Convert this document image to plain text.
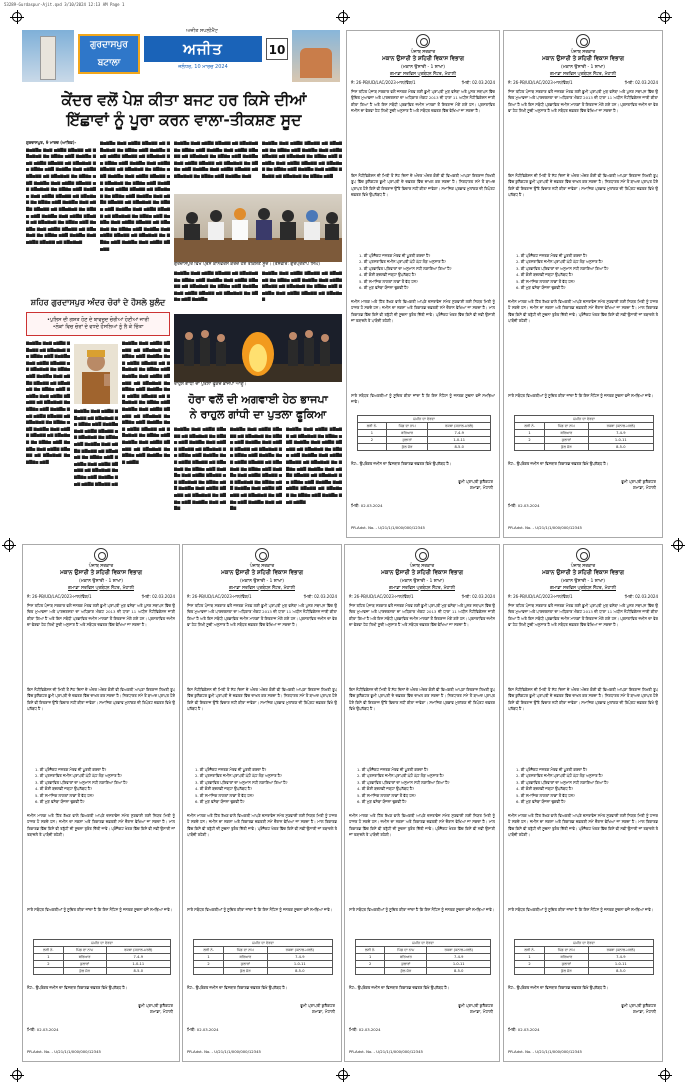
53289-Gurdaspur-Ajit.qxd 3/10/2024 12:13 AM Page 1
ਗੁਰਦਾਸਪੁਰ
ਬਟਾਲਾ
ਅਜੀਤ ਸਪਲੀਮੈਂਟ
ਅਜੀਤ
ਜਲੰਧਰ, 10 ਮਾਰਚ 2024
10
ਕੇਂਦਰ ਵਲੋਂ ਪੇਸ਼ ਕੀਤਾ ਬਜਟ ਹਰ ਕਿਸੇ ਦੀਆਂ
ਇੱਛਾਵਾਂ ਨੂੰ ਪੂਰਾ ਕਰਨ ਵਾਲਾ-ਤੀਕਸ਼ਣ ਸੂਦ
ਗੁਰਦਾਸਪੁਰ, 9 ਮਾਰਚ (ਆਰਿਫ਼)-
▆▅▆▇▅ ▆▅▆ ▅▆▇▆ ▆▇▅▆▆ ▅▆ ▆▇▅▆▅▆ ▆▅ ▆▇▆▅ ▅▆▇ ▆▅▆▇▅ ▆▅▆ ▅▆▇▆ ▆▇▅▆▆ ▅▆ ▆▇▅▆▅▆ ▆▅ ▆▇▆▅ ▅▆▇ ▆▅▆▇▅ ▆▅▆ ▅▆▇▆ ▆▇▅▆▆ ▅▆ ▆▇▅▆▅▆ ▆▅ ▆▇▆▅ ▅▆▇ ▆▅▆▇▅ ▆▅▆ ▅▆▇▆ ▆▇▅▆▆ ▅▆ ▆▇▅▆▅▆ ▆▅ ▆▇▆▅ ▅▆▇ ▆▅▆▇▅ ▆▅▆ ▅▆▇▆ ▆▇▅▆▆ ▅▆ ▆▇▅▆▅▆ ▆▅ ▆▇▆▅ ▅▆▇ ▆▅▆▇▅ ▆▅▆ ▅▆▇▆ ▆▇▅▆▆ ▅▆ ▆▇▅▆▅▆ ▆▅ ▆▇▆▅ ▅▆▇ ▆▅▆▇▅ ▆▅▆ ▅▆▇▆ ▆▇▅▆▆ ▅▆ ▆▇▅▆▅▆ ▆▅ ▆▇▆▅ ▅▆▇ ▆▅▆▇▅ ▆▅▆ ▅▆▇▆ ▆▇▅▆▆ ▅▆ ▆▇▅▆▅▆ ▆▅ ▆▇▆▅ ▅▆▇ ▆▅▆▇▅ ▆▅▆ ▅▆▇▆ ▆▇▅▆▆ ▅▆ ▆▇▅▆▅▆
▆▅▆▇▅ ▆▅▆ ▅▆▇▆ ▆▇▅▆▆ ▅▆ ▆▇▅▆▅▆ ▆▅ ▆▇▆▅ ▅▆▇ ▆▅▆▇▅ ▆▅▆ ▅▆▇▆ ▆▇▅▆▆ ▅▆ ▆▇▅▆▅▆ ▆▅ ▆▇▆▅ ▅▆▇ ▆▅▆▇▅ ▆▅▆ ▅▆▇▆ ▆▇▅▆▆ ▅▆ ▆▇▅▆▅▆ ▆▅ ▆▇▆▅ ▅▆▇ ▆▅▆▇▅ ▆▅▆ ▅▆▇▆ ▆▇▅▆▆ ▅▆ ▆▇▅▆▅▆ ▆▅ ▆▇▆▅ ▅▆▇ ▆▅▆▇▅ ▆▅▆ ▅▆▇▆ ▆▇▅▆▆ ▅▆ ▆▇▅▆▅▆ ▆▅ ▆▇▆▅ ▅▆▇ ▆▅▆▇▅ ▆▅▆ ▅▆▇▆ ▆▇▅▆▆ ▅▆ ▆▇▅▆▅▆ ▆▅ ▆▇▆▅ ▅▆▇ ▆▅▆▇▅ ▆▅▆ ▅▆▇▆ ▆▇▅▆▆ ▅▆ ▆▇▅▆▅▆ ▆▅ ▆▇▆▅ ▅▆▇ ▆▅▆▇▅ ▆▅▆ ▅▆▇▆ ▆▇▅▆▆ ▅▆ ▆▇▅▆▅▆ ▆▅ ▆▇▆▅ ▅▆▇ ▆▅▆▇▅ ▆▅▆ ▅▆▇▆ ▆▇▅▆▆ ▅▆ ▆▇▅▆▅▆ ▆▅ ▆▇▆▅ ▅▆▇ ▆▅▆▇▅ ▆▅▆ ▅▆▇▆ ▆▇▅▆▆
▆▅▆▇▅ ▆▅▆ ▅▆▇▆ ▆▇▅▆▆ ▅▆ ▆▇▅▆▅▆ ▆▅ ▆▇▆▅ ▅▆▇ ▆▅▆▇▅ ▆▅▆ ▅▆▇▆ ▆▇▅▆▆ ▅▆ ▆▇▅▆▅▆ ▆▅ ▆▇▆▅ ▅▆▇ ▆▅▆▇▅ ▆▅▆ ▅▆▇▆ ▆▇▅▆▆ ▅▆ ▆▇▅▆▅▆ ▆▅ ▆▇▆▅ ▅▆▇ ▆▅▆▇▅ ▆▅▆ ▅▆▇▆ ▆▇▅▆▆ ▅▆ ▆▇▅▆▅▆ ▆▅ ▆▇▆▅ ▅▆▇ ▆▅▆▇▅ ▆▅▆
▆▅▆▇▅ ▆▅▆ ▅▆▇▆ ▆▇▅▆▆ ▅▆ ▆▇▅▆▅▆ ▆▅ ▆▇▆▅ ▅▆▇ ▆▅▆▇▅ ▆▅▆ ▅▆▇▆ ▆▇▅▆▆ ▅▆ ▆▇▅▆▅▆ ▆▅ ▆▇▆▅ ▅▆▇ ▆▅▆▇▅ ▆▅▆ ▅▆▇▆ ▆▇▅▆▆ ▅▆ ▆▇▅▆▅▆ ▆▅ ▆▇▆▅ ▅▆▇ ▆▅▆▇▅ ▆▅▆ ▅▆▇▆ ▆▇▅▆▆ ▅▆ ▆▇▅▆▅▆ ▆▅ ▆▇▆▅ ▅▆▇
ਗੁਰਦਾਸਪੁਰ ਵਿਖੇ ਪ੍ਰੈੱਸ ਕਾਨਫਰੰਸ ਕਰਦੇ ਹੋਏ ਤੀਕਸ਼ਣ ਸੂਦ। (ਤਸਵੀਰ: ਗੁਰਪ੍ਰਤਾਪ ਸਿੰਘ)
▆▅▆▇▅ ▆▅▆ ▅▆▇▆ ▆▇▅▆▆ ▅▆ ▆▇▅▆▅▆ ▆▅ ▆▇▆▅ ▅▆▇ ▆▅▆▇▅ ▆▅▆ ▅▆▇▆ ▆▇▅▆▆ ▅▆ ▆▇▅▆▅▆ ▆▅ ▆▇▆▅ ▅▆▇ ▆▅▆▇▅ ▆▅▆ ▅▆▇▆ ▆▇▅▆▆ ▅▆ ▆▇▅▆▅▆ ▆▅ ▆▇▆▅ ▅▆▇ ▆▅▆▇▅
▆▅▆▇▅ ▆▅▆ ▅▆▇▆ ▆▇▅▆▆ ▅▆ ▆▇▅▆▅▆ ▆▅ ▆▇▆▅ ▅▆▇ ▆▅▆▇▅ ▆▅▆ ▅▆▇▆ ▆▇▅▆▆ ▅▆ ▆▇▅▆▅▆ ▆▅ ▆▇▆▅ ▅▆▇ ▆▅▆▇▅ ▆▅▆ ▅▆▇▆ ▆▇▅▆▆ ▅▆ ▆▇▅▆▅▆
ਸ਼ਹਿਰ ਗੁਰਦਾਸਪੁਰ ਅੰਦਰ ਚੋਰਾਂ ਦੇ ਹੌਸਲੇ ਬੁਲੰਦ
•ਪੁਲਿਸ ਦੀ ਗਸ਼ਤ ਹੋਣ ਦੇ ਬਾਵਜੂਦ ਚੋਰੀਆਂ ਹੋਣੀਆਂ ਜਾਰੀ
•ਲੋਕਾਂ ਵਿਚ ਚੋਰਾਂ ਦੇ ਵਧਦੇ ਹੌਸਲਿਆਂ ਨੂੰ ਲੈ ਕੇ ਚਿੰਤਾ
▆▅▆▇▅ ▆▅▆ ▅▆▇▆ ▆▇▅▆▆ ▅▆ ▆▇▅▆▅▆ ▆▅ ▆▇▆▅ ▅▆▇ ▆▅▆▇▅ ▆▅▆ ▅▆▇▆ ▆▇▅▆▆ ▅▆ ▆▇▅▆▅▆ ▆▅ ▆▇▆▅ ▅▆▇ ▆▅▆▇▅ ▆▅▆ ▅▆▇▆ ▆▇▅▆▆ ▅▆ ▆▇▅▆▅▆ ▆▅ ▆▇▆▅ ▅▆▇ ▆▅▆▇▅ ▆▅▆ ▅▆▇▆ ▆▇▅▆▆ ▅▆ ▆▇▅▆▅▆ ▆▅ ▆▇▆▅ ▅▆▇ ▆▅▆▇▅ ▆▅▆ ▅▆▇▆ ▆▇▅▆▆ ▅▆ ▆▇▅▆▅▆ ▆▅ ▆▇▆▅ ▅▆▇ ▆▅▆▇▅ ▆▅▆ ▅▆▇▆ ▆▇▅▆▆ ▅▆ ▆▇▅▆▅▆ ▆▅ ▆▇▆▅ ▅▆▇ ▆▅▆▇▅ ▆▅▆ ▅▆▇▆ ▆▇▅▆▆ ▅▆ ▆▇▅▆▅▆ ▆▅ ▆▇▆▅ ▅▆▇
▆▅▆▇▅ ▆▅▆ ▅▆▇▆ ▆▇▅▆▆ ▅▆ ▆▇▅▆▅▆ ▆▅ ▆▇▆▅ ▅▆▇ ▆▅▆▇▅ ▆▅▆ ▅▆▇▆ ▆▇▅▆▆ ▅▆ ▆▇▅▆▅▆ ▆▅ ▆▇▆▅ ▅▆▇ ▆▅▆▇▅ ▆▅▆ ▅▆▇▆ ▆▇▅▆▆ ▅▆ ▆▇▅▆▅▆ ▆▅ ▆▇▆▅ ▅▆▇ ▆▅▆▇▅ ▆▅▆ ▅▆▇▆ ▆▇▅▆▆ ▅▆ ▆▇▅▆▅▆ ▆▅ ▆▇▆▅ ▅▆▇ ▆▅▆▇▅ ▆▅▆ ▅▆▇▆ ▆▇▅▆▆ ▅▆
▆▅▆▇▅ ▆▅▆ ▅▆▇▆ ▆▇▅▆▆ ▅▆ ▆▇▅▆▅▆ ▆▅ ▆▇▆▅ ▅▆▇ ▆▅▆▇▅ ▆▅▆ ▅▆▇▆ ▆▇▅▆▆ ▅▆ ▆▇▅▆▅▆ ▆▅ ▆▇▆▅ ▅▆▇ ▆▅▆▇▅ ▆▅▆ ▅▆▇▆ ▆▇▅▆▆ ▅▆ ▆▇▅▆▅▆ ▆▅ ▆▇▆▅ ▅▆▇ ▆▅▆▇▅ ▆▅▆ ▅▆▇▆ ▆▇▅▆▆ ▅▆ ▆▇▅▆▅▆ ▆▅ ▆▇▆▅ ▅▆▇ ▆▅▆▇▅ ▆▅▆ ▅▆▇▆ ▆▇▅▆▆ ▅▆ ▆▇▅▆▅▆ ▆▅ ▆▇▆▅ ▅▆▇ ▆▅▆▇▅ ▆▅▆ ▅▆▇▆ ▆▇▅▆▆ ▅▆ ▆▇▅▆▅▆ ▆▅ ▆▇▆▅ ▅▆▇ ▆▅▆▇▅ ▆▅▆ ▅▆▇▆ ▆▇▅▆▆ ▅▆ ▆▇▅▆▅▆ ▆▅ ▆▇▆▅ ▅▆▇ ▆▅▆▇▅ ▆▅▆ ▅▆▇▆
ਰਾਹੁਲ ਗਾਂਧੀ ਦਾ ਪੁਤਲਾ ਫੂਕਦੇ ਭਾਜਪਾ ਆਗੂ।
ਹੋਰਾ ਵਲੋਂ ਦੀ ਅਗਵਾਈ ਹੇਠ ਭਾਜਪਾ
ਨੇ ਰਾਹੁਲ ਗਾਂਧੀ ਦਾ ਪੁਤਲਾ ਫੂਕਿਆ
▆▅▆▇▅ ▆▅▆ ▅▆▇▆ ▆▇▅▆▆ ▅▆ ▆▇▅▆▅▆ ▆▅ ▆▇▆▅ ▅▆▇ ▆▅▆▇▅ ▆▅▆ ▅▆▇▆ ▆▇▅▆▆ ▅▆ ▆▇▅▆▅▆ ▆▅ ▆▇▆▅ ▅▆▇ ▆▅▆▇▅ ▆▅▆ ▅▆▇▆ ▆▇▅▆▆ ▅▆ ▆▇▅▆▅▆ ▆▅ ▆▇▆▅ ▅▆▇ ▆▅▆▇▅ ▆▅▆ ▅▆▇▆ ▆▇▅▆▆ ▅▆ ▆▇▅▆▅▆ ▆▅ ▆▇▆▅ ▅▆▇ ▆▅▆▇▅ ▆▅▆ ▅▆▇▆ ▆▇▅▆▆ ▅▆ ▆▇▅▆▅▆ ▆▅ ▆▇▆▅ ▅▆▇ ▆▅▆▇▅ ▆▅▆ ▅▆▇▆
▆▅▆▇▅ ▆▅▆ ▅▆▇▆ ▆▇▅▆▆ ▅▆ ▆▇▅▆▅▆ ▆▅ ▆▇▆▅ ▅▆▇ ▆▅▆▇▅ ▆▅▆ ▅▆▇▆ ▆▇▅▆▆ ▅▆ ▆▇▅▆▅▆ ▆▅ ▆▇▆▅ ▅▆▇ ▆▅▆▇▅ ▆▅▆ ▅▆▇▆ ▆▇▅▆▆ ▅▆ ▆▇▅▆▅▆ ▆▅ ▆▇▆▅ ▅▆▇ ▆▅▆▇▅ ▆▅▆ ▅▆▇▆ ▆▇▅▆▆ ▅▆ ▆▇▅▆▅▆ ▆▅ ▆▇▆▅ ▅▆▇ ▆▅▆▇▅ ▆▅▆ ▅▆▇▆ ▆▇▅▆▆ ▅▆ ▆▇▅▆▅▆ ▆▅ ▆▇▆▅ ▅▆▇ ▆▅▆▇▅ ▆▅▆ ▅▆▇▆
▆▅▆▇▅ ▆▅▆ ▅▆▇▆ ▆▇▅▆▆ ▅▆ ▆▇▅▆▅▆ ▆▅ ▆▇▆▅ ▅▆▇ ▆▅▆▇▅ ▆▅▆ ▅▆▇▆ ▆▇▅▆▆ ▅▆ ▆▇▅▆▅▆ ▆▅ ▆▇▆▅ ▅▆▇ ▆▅▆▇▅ ▆▅▆ ▅▆▇▆ ▆▇▅▆▆ ▅▆ ▆▇▅▆▅▆ ▆▅ ▆▇▆▅ ▅▆▇ ▆▅▆▇▅ ▆▅▆ ▅▆▇▆ ▆▇▅▆▆ ▅▆ ▆▇▅▆▅▆ ▆▅ ▆▇▆▅ ▅▆▇ ▆▅▆▇▅ ▆▅▆ ▅▆▇▆ ▆▇▅▆▆ ▅▆ ▆▇▅▆▅▆ ▆▅ ▆▇▆▅ ▅▆▇ ▆▅▆▇▅ ▆▅▆ ▅▆▇▆
ਪੰਜਾਬ ਸਰਕਾਰ
ਮਕਾਨ ਉਸਾਰੀ ਤੇ ਸ਼ਹਿਰੀ ਵਿਕਾਸ ਵਿਭਾਗ
(ਮਕਾਨ ਉਸਾਰੀ - 1 ਸ਼ਾਖਾ)
ਗਮਾਡਾ ਸਰਵਿਸ ਪ੍ਰਬੰਧਨ ਸੈਂਟਰ, ਮੋਹਾਲੀ
ਨੰ: 26-PB/UD/LAC/2023-ਮਾਲ/ਵਿੰਗ/1	ਮਿਤੀ: 02.03.2024
ਜਿਸ ਤਹਿਤ ਪੰਜਾਬ ਸਰਕਾਰ ਵਲੋਂ ਜਨਤਕ ਮੰਤਵ ਲਈ ਭੂਮੀ ਪ੍ਰਾਪਤੀ ਮੁੜ ਵਸੇਬਾ ਅਤੇ ਪੁਨਰ ਸਥਾਪਨ ਵਿੱਚ ਉਚਿਤ ਮੁਆਵਜ਼ਾ ਅਤੇ ਪਾਰਦਰਸ਼ਤਾ ਦਾ ਅਧਿਕਾਰ ਐਕਟ 2013 ਦੀ ਧਾਰਾ 11 ਅਧੀਨ ਨੋਟੀਫਿਕੇਸ਼ਨ ਜਾਰੀ ਕੀਤਾ ਗਿਆ ਹੈ ਅਤੇ ਇਸ ਸਬੰਧੀ ਪ੍ਰਭਾਵਿਤ ਜ਼ਮੀਨ ਮਾਲਕਾਂ ਤੋਂ ਇਤਰਾਜ਼ ਮੰਗੇ ਗਏ ਹਨ। ਪ੍ਰਸਤਾਵਿਤ ਜ਼ਮੀਨ ਦਾ ਵੇਰਵਾ ਹੇਠ ਲਿਖੀ ਸੂਚੀ ਅਨੁਸਾਰ ਹੈ ਅਤੇ ਸਬੰਧਤ ਦਫ਼ਤਰ ਵਿੱਚ ਵੇਖਿਆ ਜਾ ਸਕਦਾ ਹੈ।
ਇਸ ਨੋਟੀਫਿਕੇਸ਼ਨ ਦੀ ਮਿਤੀ ਤੋਂ ਸੱਠ ਦਿਨਾਂ ਦੇ ਅੰਦਰ ਅੰਦਰ ਕੋਈ ਵੀ ਵਿਅਕਤੀ ਆਪਣਾ ਇਤਰਾਜ਼ ਲਿਖਤੀ ਰੂਪ ਵਿੱਚ ਕੁਲੈਕਟਰ ਭੂਮੀ ਪ੍ਰਾਪਤੀ ਦੇ ਦਫ਼ਤਰ ਵਿੱਚ ਦਾਖਲ ਕਰ ਸਕਦਾ ਹੈ। ਨਿਰਧਾਰਤ ਸਮੇਂ ਤੋਂ ਬਾਅਦ ਪ੍ਰਾਪਤ ਹੋਏ ਕਿਸੇ ਵੀ ਇਤਰਾਜ਼ ਉੱਤੇ ਵਿਚਾਰ ਨਹੀਂ ਕੀਤਾ ਜਾਵੇਗਾ। ਸਮਾਜਿਕ ਪ੍ਰਭਾਵ ਮੁਲਾਂਕਣ ਦੀ ਰਿਪੋਰਟ ਦਫ਼ਤਰ ਵਿਖੇ ਉਪਲੱਬਧ ਹੈ।
1. ਕੀ ਪ੍ਰੋਜੈਕਟ ਜਨਤਕ ਮੰਤਵ ਦੀ ਪੂਰਤੀ ਕਰਦਾ ਹੈ?
2. ਕੀ ਪ੍ਰਸਤਾਵਿਤ ਜ਼ਮੀਨ ਪ੍ਰਾਪਤੀ ਘੱਟੋ ਘੱਟ ਲੋੜ ਅਨੁਸਾਰ ਹੈ?
3. ਕੀ ਪ੍ਰਭਾਵਿਤ ਪਰਿਵਾਰਾਂ ਦਾ ਅਨੁਮਾਨ ਸਹੀ ਲਗਾਇਆ ਗਿਆ ਹੈ?
4. ਕੀ ਕੋਈ ਬਦਲਵੀਂ ਜਗ੍ਹਾ ਉਪਲੱਬਧ ਹੈ?
5. ਕੀ ਸਮਾਜਿਕ ਲਾਗਤਾਂ ਲਾਭਾਂ ਤੋਂ ਵੱਧ ਹਨ?
6. ਕੀ ਮੁੜ ਵਸੇਬਾ ਯੋਜਨਾ ਢੁਕਵੀਂ ਹੈ?
ਜ਼ਮੀਨ ਮਾਲਕ ਅਤੇ ਹਿੱਤ ਰੱਖਣ ਵਾਲੇ ਵਿਅਕਤੀ ਆਪਣੇ ਦਸਤਾਵੇਜ਼ ਸਮੇਤ ਸੁਣਵਾਈ ਲਈ ਨਿਯਤ ਮਿਤੀ ਨੂੰ ਹਾਜ਼ਰ ਹੋ ਸਕਦੇ ਹਨ। ਜ਼ਮੀਨ ਦਾ ਨਕਸ਼ਾ ਅਤੇ ਰਿਕਾਰਡ ਦਫ਼ਤਰੀ ਸਮੇਂ ਦੌਰਾਨ ਵੇਖਿਆ ਜਾ ਸਕਦਾ ਹੈ। ਮਾਲ ਰਿਕਾਰਡ ਵਿੱਚ ਕਿਸੇ ਵੀ ਤਰੁੱਟੀ ਦੀ ਸੂਚਨਾ ਤੁਰੰਤ ਦਿੱਤੀ ਜਾਵੇ। ਪ੍ਰੋਜੈਕਟ ਖੇਤਰ ਵਿੱਚ ਕਿਸੇ ਵੀ ਨਵੀਂ ਉਸਾਰੀ ਜਾਂ ਤਬਾਦਲੇ ਤੇ ਪਾਬੰਦੀ ਰਹੇਗੀ।
ਸਾਰੇ ਸਬੰਧਤ ਵਿਅਕਤੀਆਂ ਨੂੰ ਸੂਚਿਤ ਕੀਤਾ ਜਾਂਦਾ ਹੈ ਕਿ ਇਸ ਨੋਟਿਸ ਨੂੰ ਜਨਤਕ ਸੂਚਨਾ ਵਜੋਂ ਸਮਝਿਆ ਜਾਵੇ।
ਜ਼ਮੀਨ ਦਾ ਵੇਰਵਾ		
ਲੜੀ ਨੰ.	ਪਿੰਡ ਦਾ ਨਾਮ	ਰਕਬਾ (ਕਨਾਲ-ਮਰਲੇ)
1	ਬਰਿਆਰ	7-4-9
2	ਕੁਲਾਰਾਂ	1-0-11
	ਕੁੱਲ ਜੋੜ	8-5-0
ਨੋਟ:- ਉਪਰੋਕਤ ਜ਼ਮੀਨ ਦਾ ਵਿਸਥਾਰ ਰਿਕਾਰਡ ਦਫ਼ਤਰ ਵਿਖੇ ਉਪਲੱਬਧ ਹੈ।
ਭੂਮੀ ਪ੍ਰਾਪਤੀ ਕੁਲੈਕਟਰ
ਗਮਾਡਾ, ਮੋਹਾਲੀ
ਮਿਤੀ: 02.03.2024
PR-Advt. No. - U/21/1/1/000/000/12345
ਪੰਜਾਬ ਸਰਕਾਰ
ਮਕਾਨ ਉਸਾਰੀ ਤੇ ਸ਼ਹਿਰੀ ਵਿਕਾਸ ਵਿਭਾਗ
(ਮਕਾਨ ਉਸਾਰੀ - 1 ਸ਼ਾਖਾ)
ਗਮਾਡਾ ਸਰਵਿਸ ਪ੍ਰਬੰਧਨ ਸੈਂਟਰ, ਮੋਹਾਲੀ
ਨੰ: 26-PB/UD/LAC/2023-ਮਾਲ/ਵਿੰਗ/1	ਮਿਤੀ: 02.03.2024
ਜਿਸ ਤਹਿਤ ਪੰਜਾਬ ਸਰਕਾਰ ਵਲੋਂ ਜਨਤਕ ਮੰਤਵ ਲਈ ਭੂਮੀ ਪ੍ਰਾਪਤੀ ਮੁੜ ਵਸੇਬਾ ਅਤੇ ਪੁਨਰ ਸਥਾਪਨ ਵਿੱਚ ਉਚਿਤ ਮੁਆਵਜ਼ਾ ਅਤੇ ਪਾਰਦਰਸ਼ਤਾ ਦਾ ਅਧਿਕਾਰ ਐਕਟ 2013 ਦੀ ਧਾਰਾ 11 ਅਧੀਨ ਨੋਟੀਫਿਕੇਸ਼ਨ ਜਾਰੀ ਕੀਤਾ ਗਿਆ ਹੈ ਅਤੇ ਇਸ ਸਬੰਧੀ ਪ੍ਰਭਾਵਿਤ ਜ਼ਮੀਨ ਮਾਲਕਾਂ ਤੋਂ ਇਤਰਾਜ਼ ਮੰਗੇ ਗਏ ਹਨ। ਪ੍ਰਸਤਾਵਿਤ ਜ਼ਮੀਨ ਦਾ ਵੇਰਵਾ ਹੇਠ ਲਿਖੀ ਸੂਚੀ ਅਨੁਸਾਰ ਹੈ ਅਤੇ ਸਬੰਧਤ ਦਫ਼ਤਰ ਵਿੱਚ ਵੇਖਿਆ ਜਾ ਸਕਦਾ ਹੈ।
ਇਸ ਨੋਟੀਫਿਕੇਸ਼ਨ ਦੀ ਮਿਤੀ ਤੋਂ ਸੱਠ ਦਿਨਾਂ ਦੇ ਅੰਦਰ ਅੰਦਰ ਕੋਈ ਵੀ ਵਿਅਕਤੀ ਆਪਣਾ ਇਤਰਾਜ਼ ਲਿਖਤੀ ਰੂਪ ਵਿੱਚ ਕੁਲੈਕਟਰ ਭੂਮੀ ਪ੍ਰਾਪਤੀ ਦੇ ਦਫ਼ਤਰ ਵਿੱਚ ਦਾਖਲ ਕਰ ਸਕਦਾ ਹੈ। ਨਿਰਧਾਰਤ ਸਮੇਂ ਤੋਂ ਬਾਅਦ ਪ੍ਰਾਪਤ ਹੋਏ ਕਿਸੇ ਵੀ ਇਤਰਾਜ਼ ਉੱਤੇ ਵਿਚਾਰ ਨਹੀਂ ਕੀਤਾ ਜਾਵੇਗਾ। ਸਮਾਜਿਕ ਪ੍ਰਭਾਵ ਮੁਲਾਂਕਣ ਦੀ ਰਿਪੋਰਟ ਦਫ਼ਤਰ ਵਿਖੇ ਉਪਲੱਬਧ ਹੈ।
1. ਕੀ ਪ੍ਰੋਜੈਕਟ ਜਨਤਕ ਮੰਤਵ ਦੀ ਪੂਰਤੀ ਕਰਦਾ ਹੈ?
2. ਕੀ ਪ੍ਰਸਤਾਵਿਤ ਜ਼ਮੀਨ ਪ੍ਰਾਪਤੀ ਘੱਟੋ ਘੱਟ ਲੋੜ ਅਨੁਸਾਰ ਹੈ?
3. ਕੀ ਪ੍ਰਭਾਵਿਤ ਪਰਿਵਾਰਾਂ ਦਾ ਅਨੁਮਾਨ ਸਹੀ ਲਗਾਇਆ ਗਿਆ ਹੈ?
4. ਕੀ ਕੋਈ ਬਦਲਵੀਂ ਜਗ੍ਹਾ ਉਪਲੱਬਧ ਹੈ?
5. ਕੀ ਸਮਾਜਿਕ ਲਾਗਤਾਂ ਲਾਭਾਂ ਤੋਂ ਵੱਧ ਹਨ?
6. ਕੀ ਮੁੜ ਵਸੇਬਾ ਯੋਜਨਾ ਢੁਕਵੀਂ ਹੈ?
ਜ਼ਮੀਨ ਮਾਲਕ ਅਤੇ ਹਿੱਤ ਰੱਖਣ ਵਾਲੇ ਵਿਅਕਤੀ ਆਪਣੇ ਦਸਤਾਵੇਜ਼ ਸਮੇਤ ਸੁਣਵਾਈ ਲਈ ਨਿਯਤ ਮਿਤੀ ਨੂੰ ਹਾਜ਼ਰ ਹੋ ਸਕਦੇ ਹਨ। ਜ਼ਮੀਨ ਦਾ ਨਕਸ਼ਾ ਅਤੇ ਰਿਕਾਰਡ ਦਫ਼ਤਰੀ ਸਮੇਂ ਦੌਰਾਨ ਵੇਖਿਆ ਜਾ ਸਕਦਾ ਹੈ। ਮਾਲ ਰਿਕਾਰਡ ਵਿੱਚ ਕਿਸੇ ਵੀ ਤਰੁੱਟੀ ਦੀ ਸੂਚਨਾ ਤੁਰੰਤ ਦਿੱਤੀ ਜਾਵੇ। ਪ੍ਰੋਜੈਕਟ ਖੇਤਰ ਵਿੱਚ ਕਿਸੇ ਵੀ ਨਵੀਂ ਉਸਾਰੀ ਜਾਂ ਤਬਾਦਲੇ ਤੇ ਪਾਬੰਦੀ ਰਹੇਗੀ।
ਸਾਰੇ ਸਬੰਧਤ ਵਿਅਕਤੀਆਂ ਨੂੰ ਸੂਚਿਤ ਕੀਤਾ ਜਾਂਦਾ ਹੈ ਕਿ ਇਸ ਨੋਟਿਸ ਨੂੰ ਜਨਤਕ ਸੂਚਨਾ ਵਜੋਂ ਸਮਝਿਆ ਜਾਵੇ।
ਜ਼ਮੀਨ ਦਾ ਵੇਰਵਾ		
ਲੜੀ ਨੰ.	ਪਿੰਡ ਦਾ ਨਾਮ	ਰਕਬਾ (ਕਨਾਲ-ਮਰਲੇ)
1	ਬਰਿਆਰ	7-4-9
2	ਕੁਲਾਰਾਂ	1-0-11
	ਕੁੱਲ ਜੋੜ	8-5-0
ਨੋਟ:- ਉਪਰੋਕਤ ਜ਼ਮੀਨ ਦਾ ਵਿਸਥਾਰ ਰਿਕਾਰਡ ਦਫ਼ਤਰ ਵਿਖੇ ਉਪਲੱਬਧ ਹੈ।
ਭੂਮੀ ਪ੍ਰਾਪਤੀ ਕੁਲੈਕਟਰ
ਗਮਾਡਾ, ਮੋਹਾਲੀ
ਮਿਤੀ: 02.03.2024
PR-Advt. No. - U/21/1/1/000/000/12345
ਪੰਜਾਬ ਸਰਕਾਰ
ਮਕਾਨ ਉਸਾਰੀ ਤੇ ਸ਼ਹਿਰੀ ਵਿਕਾਸ ਵਿਭਾਗ
(ਮਕਾਨ ਉਸਾਰੀ - 1 ਸ਼ਾਖਾ)
ਗਮਾਡਾ ਸਰਵਿਸ ਪ੍ਰਬੰਧਨ ਸੈਂਟਰ, ਮੋਹਾਲੀ
ਨੰ: 26-PB/UD/LAC/2023-ਮਾਲ/ਵਿੰਗ/1	ਮਿਤੀ: 02.03.2024
ਜਿਸ ਤਹਿਤ ਪੰਜਾਬ ਸਰਕਾਰ ਵਲੋਂ ਜਨਤਕ ਮੰਤਵ ਲਈ ਭੂਮੀ ਪ੍ਰਾਪਤੀ ਮੁੜ ਵਸੇਬਾ ਅਤੇ ਪੁਨਰ ਸਥਾਪਨ ਵਿੱਚ ਉਚਿਤ ਮੁਆਵਜ਼ਾ ਅਤੇ ਪਾਰਦਰਸ਼ਤਾ ਦਾ ਅਧਿਕਾਰ ਐਕਟ 2013 ਦੀ ਧਾਰਾ 11 ਅਧੀਨ ਨੋਟੀਫਿਕੇਸ਼ਨ ਜਾਰੀ ਕੀਤਾ ਗਿਆ ਹੈ ਅਤੇ ਇਸ ਸਬੰਧੀ ਪ੍ਰਭਾਵਿਤ ਜ਼ਮੀਨ ਮਾਲਕਾਂ ਤੋਂ ਇਤਰਾਜ਼ ਮੰਗੇ ਗਏ ਹਨ। ਪ੍ਰਸਤਾਵਿਤ ਜ਼ਮੀਨ ਦਾ ਵੇਰਵਾ ਹੇਠ ਲਿਖੀ ਸੂਚੀ ਅਨੁਸਾਰ ਹੈ ਅਤੇ ਸਬੰਧਤ ਦਫ਼ਤਰ ਵਿੱਚ ਵੇਖਿਆ ਜਾ ਸਕਦਾ ਹੈ।
ਇਸ ਨੋਟੀਫਿਕੇਸ਼ਨ ਦੀ ਮਿਤੀ ਤੋਂ ਸੱਠ ਦਿਨਾਂ ਦੇ ਅੰਦਰ ਅੰਦਰ ਕੋਈ ਵੀ ਵਿਅਕਤੀ ਆਪਣਾ ਇਤਰਾਜ਼ ਲਿਖਤੀ ਰੂਪ ਵਿੱਚ ਕੁਲੈਕਟਰ ਭੂਮੀ ਪ੍ਰਾਪਤੀ ਦੇ ਦਫ਼ਤਰ ਵਿੱਚ ਦਾਖਲ ਕਰ ਸਕਦਾ ਹੈ। ਨਿਰਧਾਰਤ ਸਮੇਂ ਤੋਂ ਬਾਅਦ ਪ੍ਰਾਪਤ ਹੋਏ ਕਿਸੇ ਵੀ ਇਤਰਾਜ਼ ਉੱਤੇ ਵਿਚਾਰ ਨਹੀਂ ਕੀਤਾ ਜਾਵੇਗਾ। ਸਮਾਜਿਕ ਪ੍ਰਭਾਵ ਮੁਲਾਂਕਣ ਦੀ ਰਿਪੋਰਟ ਦਫ਼ਤਰ ਵਿਖੇ ਉਪਲੱਬਧ ਹੈ।
1. ਕੀ ਪ੍ਰੋਜੈਕਟ ਜਨਤਕ ਮੰਤਵ ਦੀ ਪੂਰਤੀ ਕਰਦਾ ਹੈ?
2. ਕੀ ਪ੍ਰਸਤਾਵਿਤ ਜ਼ਮੀਨ ਪ੍ਰਾਪਤੀ ਘੱਟੋ ਘੱਟ ਲੋੜ ਅਨੁਸਾਰ ਹੈ?
3. ਕੀ ਪ੍ਰਭਾਵਿਤ ਪਰਿਵਾਰਾਂ ਦਾ ਅਨੁਮਾਨ ਸਹੀ ਲਗਾਇਆ ਗਿਆ ਹੈ?
4. ਕੀ ਕੋਈ ਬਦਲਵੀਂ ਜਗ੍ਹਾ ਉਪਲੱਬਧ ਹੈ?
5. ਕੀ ਸਮਾਜਿਕ ਲਾਗਤਾਂ ਲਾਭਾਂ ਤੋਂ ਵੱਧ ਹਨ?
6. ਕੀ ਮੁੜ ਵਸੇਬਾ ਯੋਜਨਾ ਢੁਕਵੀਂ ਹੈ?
ਜ਼ਮੀਨ ਮਾਲਕ ਅਤੇ ਹਿੱਤ ਰੱਖਣ ਵਾਲੇ ਵਿਅਕਤੀ ਆਪਣੇ ਦਸਤਾਵੇਜ਼ ਸਮੇਤ ਸੁਣਵਾਈ ਲਈ ਨਿਯਤ ਮਿਤੀ ਨੂੰ ਹਾਜ਼ਰ ਹੋ ਸਕਦੇ ਹਨ। ਜ਼ਮੀਨ ਦਾ ਨਕਸ਼ਾ ਅਤੇ ਰਿਕਾਰਡ ਦਫ਼ਤਰੀ ਸਮੇਂ ਦੌਰਾਨ ਵੇਖਿਆ ਜਾ ਸਕਦਾ ਹੈ। ਮਾਲ ਰਿਕਾਰਡ ਵਿੱਚ ਕਿਸੇ ਵੀ ਤਰੁੱਟੀ ਦੀ ਸੂਚਨਾ ਤੁਰੰਤ ਦਿੱਤੀ ਜਾਵੇ। ਪ੍ਰੋਜੈਕਟ ਖੇਤਰ ਵਿੱਚ ਕਿਸੇ ਵੀ ਨਵੀਂ ਉਸਾਰੀ ਜਾਂ ਤਬਾਦਲੇ ਤੇ ਪਾਬੰਦੀ ਰਹੇਗੀ।
ਸਾਰੇ ਸਬੰਧਤ ਵਿਅਕਤੀਆਂ ਨੂੰ ਸੂਚਿਤ ਕੀਤਾ ਜਾਂਦਾ ਹੈ ਕਿ ਇਸ ਨੋਟਿਸ ਨੂੰ ਜਨਤਕ ਸੂਚਨਾ ਵਜੋਂ ਸਮਝਿਆ ਜਾਵੇ।
ਜ਼ਮੀਨ ਦਾ ਵੇਰਵਾ		
ਲੜੀ ਨੰ.	ਪਿੰਡ ਦਾ ਨਾਮ	ਰਕਬਾ (ਕਨਾਲ-ਮਰਲੇ)
1	ਬਰਿਆਰ	7-4-9
2	ਕੁਲਾਰਾਂ	1-0-11
	ਕੁੱਲ ਜੋੜ	8-5-0
ਨੋਟ:- ਉਪਰੋਕਤ ਜ਼ਮੀਨ ਦਾ ਵਿਸਥਾਰ ਰਿਕਾਰਡ ਦਫ਼ਤਰ ਵਿਖੇ ਉਪਲੱਬਧ ਹੈ।
ਭੂਮੀ ਪ੍ਰਾਪਤੀ ਕੁਲੈਕਟਰ
ਗਮਾਡਾ, ਮੋਹਾਲੀ
ਮਿਤੀ: 02.03.2024
PR-Advt. No. - U/21/1/1/000/000/12345
ਪੰਜਾਬ ਸਰਕਾਰ
ਮਕਾਨ ਉਸਾਰੀ ਤੇ ਸ਼ਹਿਰੀ ਵਿਕਾਸ ਵਿਭਾਗ
(ਮਕਾਨ ਉਸਾਰੀ - 1 ਸ਼ਾਖਾ)
ਗਮਾਡਾ ਸਰਵਿਸ ਪ੍ਰਬੰਧਨ ਸੈਂਟਰ, ਮੋਹਾਲੀ
ਨੰ: 26-PB/UD/LAC/2023-ਮਾਲ/ਵਿੰਗ/1	ਮਿਤੀ: 02.03.2024
ਜਿਸ ਤਹਿਤ ਪੰਜਾਬ ਸਰਕਾਰ ਵਲੋਂ ਜਨਤਕ ਮੰਤਵ ਲਈ ਭੂਮੀ ਪ੍ਰਾਪਤੀ ਮੁੜ ਵਸੇਬਾ ਅਤੇ ਪੁਨਰ ਸਥਾਪਨ ਵਿੱਚ ਉਚਿਤ ਮੁਆਵਜ਼ਾ ਅਤੇ ਪਾਰਦਰਸ਼ਤਾ ਦਾ ਅਧਿਕਾਰ ਐਕਟ 2013 ਦੀ ਧਾਰਾ 11 ਅਧੀਨ ਨੋਟੀਫਿਕੇਸ਼ਨ ਜਾਰੀ ਕੀਤਾ ਗਿਆ ਹੈ ਅਤੇ ਇਸ ਸਬੰਧੀ ਪ੍ਰਭਾਵਿਤ ਜ਼ਮੀਨ ਮਾਲਕਾਂ ਤੋਂ ਇਤਰਾਜ਼ ਮੰਗੇ ਗਏ ਹਨ। ਪ੍ਰਸਤਾਵਿਤ ਜ਼ਮੀਨ ਦਾ ਵੇਰਵਾ ਹੇਠ ਲਿਖੀ ਸੂਚੀ ਅਨੁਸਾਰ ਹੈ ਅਤੇ ਸਬੰਧਤ ਦਫ਼ਤਰ ਵਿੱਚ ਵੇਖਿਆ ਜਾ ਸਕਦਾ ਹੈ।
ਇਸ ਨੋਟੀਫਿਕੇਸ਼ਨ ਦੀ ਮਿਤੀ ਤੋਂ ਸੱਠ ਦਿਨਾਂ ਦੇ ਅੰਦਰ ਅੰਦਰ ਕੋਈ ਵੀ ਵਿਅਕਤੀ ਆਪਣਾ ਇਤਰਾਜ਼ ਲਿਖਤੀ ਰੂਪ ਵਿੱਚ ਕੁਲੈਕਟਰ ਭੂਮੀ ਪ੍ਰਾਪਤੀ ਦੇ ਦਫ਼ਤਰ ਵਿੱਚ ਦਾਖਲ ਕਰ ਸਕਦਾ ਹੈ। ਨਿਰਧਾਰਤ ਸਮੇਂ ਤੋਂ ਬਾਅਦ ਪ੍ਰਾਪਤ ਹੋਏ ਕਿਸੇ ਵੀ ਇਤਰਾਜ਼ ਉੱਤੇ ਵਿਚਾਰ ਨਹੀਂ ਕੀਤਾ ਜਾਵੇਗਾ। ਸਮਾਜਿਕ ਪ੍ਰਭਾਵ ਮੁਲਾਂਕਣ ਦੀ ਰਿਪੋਰਟ ਦਫ਼ਤਰ ਵਿਖੇ ਉਪਲੱਬਧ ਹੈ।
1. ਕੀ ਪ੍ਰੋਜੈਕਟ ਜਨਤਕ ਮੰਤਵ ਦੀ ਪੂਰਤੀ ਕਰਦਾ ਹੈ?
2. ਕੀ ਪ੍ਰਸਤਾਵਿਤ ਜ਼ਮੀਨ ਪ੍ਰਾਪਤੀ ਘੱਟੋ ਘੱਟ ਲੋੜ ਅਨੁਸਾਰ ਹੈ?
3. ਕੀ ਪ੍ਰਭਾਵਿਤ ਪਰਿਵਾਰਾਂ ਦਾ ਅਨੁਮਾਨ ਸਹੀ ਲਗਾਇਆ ਗਿਆ ਹੈ?
4. ਕੀ ਕੋਈ ਬਦਲਵੀਂ ਜਗ੍ਹਾ ਉਪਲੱਬਧ ਹੈ?
5. ਕੀ ਸਮਾਜਿਕ ਲਾਗਤਾਂ ਲਾਭਾਂ ਤੋਂ ਵੱਧ ਹਨ?
6. ਕੀ ਮੁੜ ਵਸੇਬਾ ਯੋਜਨਾ ਢੁਕਵੀਂ ਹੈ?
ਜ਼ਮੀਨ ਮਾਲਕ ਅਤੇ ਹਿੱਤ ਰੱਖਣ ਵਾਲੇ ਵਿਅਕਤੀ ਆਪਣੇ ਦਸਤਾਵੇਜ਼ ਸਮੇਤ ਸੁਣਵਾਈ ਲਈ ਨਿਯਤ ਮਿਤੀ ਨੂੰ ਹਾਜ਼ਰ ਹੋ ਸਕਦੇ ਹਨ। ਜ਼ਮੀਨ ਦਾ ਨਕਸ਼ਾ ਅਤੇ ਰਿਕਾਰਡ ਦਫ਼ਤਰੀ ਸਮੇਂ ਦੌਰਾਨ ਵੇਖਿਆ ਜਾ ਸਕਦਾ ਹੈ। ਮਾਲ ਰਿਕਾਰਡ ਵਿੱਚ ਕਿਸੇ ਵੀ ਤਰੁੱਟੀ ਦੀ ਸੂਚਨਾ ਤੁਰੰਤ ਦਿੱਤੀ ਜਾਵੇ। ਪ੍ਰੋਜੈਕਟ ਖੇਤਰ ਵਿੱਚ ਕਿਸੇ ਵੀ ਨਵੀਂ ਉਸਾਰੀ ਜਾਂ ਤਬਾਦਲੇ ਤੇ ਪਾਬੰਦੀ ਰਹੇਗੀ।
ਸਾਰੇ ਸਬੰਧਤ ਵਿਅਕਤੀਆਂ ਨੂੰ ਸੂਚਿਤ ਕੀਤਾ ਜਾਂਦਾ ਹੈ ਕਿ ਇਸ ਨੋਟਿਸ ਨੂੰ ਜਨਤਕ ਸੂਚਨਾ ਵਜੋਂ ਸਮਝਿਆ ਜਾਵੇ।
ਜ਼ਮੀਨ ਦਾ ਵੇਰਵਾ		
ਲੜੀ ਨੰ.	ਪਿੰਡ ਦਾ ਨਾਮ	ਰਕਬਾ (ਕਨਾਲ-ਮਰਲੇ)
1	ਬਰਿਆਰ	7-4-9
2	ਕੁਲਾਰਾਂ	1-0-11
	ਕੁੱਲ ਜੋੜ	8-5-0
ਨੋਟ:- ਉਪਰੋਕਤ ਜ਼ਮੀਨ ਦਾ ਵਿਸਥਾਰ ਰਿਕਾਰਡ ਦਫ਼ਤਰ ਵਿਖੇ ਉਪਲੱਬਧ ਹੈ।
ਭੂਮੀ ਪ੍ਰਾਪਤੀ ਕੁਲੈਕਟਰ
ਗਮਾਡਾ, ਮੋਹਾਲੀ
ਮਿਤੀ: 02.03.2024
PR-Advt. No. - U/21/1/1/000/000/12345
ਪੰਜਾਬ ਸਰਕਾਰ
ਮਕਾਨ ਉਸਾਰੀ ਤੇ ਸ਼ਹਿਰੀ ਵਿਕਾਸ ਵਿਭਾਗ
(ਮਕਾਨ ਉਸਾਰੀ - 1 ਸ਼ਾਖਾ)
ਗਮਾਡਾ ਸਰਵਿਸ ਪ੍ਰਬੰਧਨ ਸੈਂਟਰ, ਮੋਹਾਲੀ
ਨੰ: 26-PB/UD/LAC/2023-ਮਾਲ/ਵਿੰਗ/1	ਮਿਤੀ: 02.03.2024
ਜਿਸ ਤਹਿਤ ਪੰਜਾਬ ਸਰਕਾਰ ਵਲੋਂ ਜਨਤਕ ਮੰਤਵ ਲਈ ਭੂਮੀ ਪ੍ਰਾਪਤੀ ਮੁੜ ਵਸੇਬਾ ਅਤੇ ਪੁਨਰ ਸਥਾਪਨ ਵਿੱਚ ਉਚਿਤ ਮੁਆਵਜ਼ਾ ਅਤੇ ਪਾਰਦਰਸ਼ਤਾ ਦਾ ਅਧਿਕਾਰ ਐਕਟ 2013 ਦੀ ਧਾਰਾ 11 ਅਧੀਨ ਨੋਟੀਫਿਕੇਸ਼ਨ ਜਾਰੀ ਕੀਤਾ ਗਿਆ ਹੈ ਅਤੇ ਇਸ ਸਬੰਧੀ ਪ੍ਰਭਾਵਿਤ ਜ਼ਮੀਨ ਮਾਲਕਾਂ ਤੋਂ ਇਤਰਾਜ਼ ਮੰਗੇ ਗਏ ਹਨ। ਪ੍ਰਸਤਾਵਿਤ ਜ਼ਮੀਨ ਦਾ ਵੇਰਵਾ ਹੇਠ ਲਿਖੀ ਸੂਚੀ ਅਨੁਸਾਰ ਹੈ ਅਤੇ ਸਬੰਧਤ ਦਫ਼ਤਰ ਵਿੱਚ ਵੇਖਿਆ ਜਾ ਸਕਦਾ ਹੈ।
ਇਸ ਨੋਟੀਫਿਕੇਸ਼ਨ ਦੀ ਮਿਤੀ ਤੋਂ ਸੱਠ ਦਿਨਾਂ ਦੇ ਅੰਦਰ ਅੰਦਰ ਕੋਈ ਵੀ ਵਿਅਕਤੀ ਆਪਣਾ ਇਤਰਾਜ਼ ਲਿਖਤੀ ਰੂਪ ਵਿੱਚ ਕੁਲੈਕਟਰ ਭੂਮੀ ਪ੍ਰਾਪਤੀ ਦੇ ਦਫ਼ਤਰ ਵਿੱਚ ਦਾਖਲ ਕਰ ਸਕਦਾ ਹੈ। ਨਿਰਧਾਰਤ ਸਮੇਂ ਤੋਂ ਬਾਅਦ ਪ੍ਰਾਪਤ ਹੋਏ ਕਿਸੇ ਵੀ ਇਤਰਾਜ਼ ਉੱਤੇ ਵਿਚਾਰ ਨਹੀਂ ਕੀਤਾ ਜਾਵੇਗਾ। ਸਮਾਜਿਕ ਪ੍ਰਭਾਵ ਮੁਲਾਂਕਣ ਦੀ ਰਿਪੋਰਟ ਦਫ਼ਤਰ ਵਿਖੇ ਉਪਲੱਬਧ ਹੈ।
1. ਕੀ ਪ੍ਰੋਜੈਕਟ ਜਨਤਕ ਮੰਤਵ ਦੀ ਪੂਰਤੀ ਕਰਦਾ ਹੈ?
2. ਕੀ ਪ੍ਰਸਤਾਵਿਤ ਜ਼ਮੀਨ ਪ੍ਰਾਪਤੀ ਘੱਟੋ ਘੱਟ ਲੋੜ ਅਨੁਸਾਰ ਹੈ?
3. ਕੀ ਪ੍ਰਭਾਵਿਤ ਪਰਿਵਾਰਾਂ ਦਾ ਅਨੁਮਾਨ ਸਹੀ ਲਗਾਇਆ ਗਿਆ ਹੈ?
4. ਕੀ ਕੋਈ ਬਦਲਵੀਂ ਜਗ੍ਹਾ ਉਪਲੱਬਧ ਹੈ?
5. ਕੀ ਸਮਾਜਿਕ ਲਾਗਤਾਂ ਲਾਭਾਂ ਤੋਂ ਵੱਧ ਹਨ?
6. ਕੀ ਮੁੜ ਵਸੇਬਾ ਯੋਜਨਾ ਢੁਕਵੀਂ ਹੈ?
ਜ਼ਮੀਨ ਮਾਲਕ ਅਤੇ ਹਿੱਤ ਰੱਖਣ ਵਾਲੇ ਵਿਅਕਤੀ ਆਪਣੇ ਦਸਤਾਵੇਜ਼ ਸਮੇਤ ਸੁਣਵਾਈ ਲਈ ਨਿਯਤ ਮਿਤੀ ਨੂੰ ਹਾਜ਼ਰ ਹੋ ਸਕਦੇ ਹਨ। ਜ਼ਮੀਨ ਦਾ ਨਕਸ਼ਾ ਅਤੇ ਰਿਕਾਰਡ ਦਫ਼ਤਰੀ ਸਮੇਂ ਦੌਰਾਨ ਵੇਖਿਆ ਜਾ ਸਕਦਾ ਹੈ। ਮਾਲ ਰਿਕਾਰਡ ਵਿੱਚ ਕਿਸੇ ਵੀ ਤਰੁੱਟੀ ਦੀ ਸੂਚਨਾ ਤੁਰੰਤ ਦਿੱਤੀ ਜਾਵੇ। ਪ੍ਰੋਜੈਕਟ ਖੇਤਰ ਵਿੱਚ ਕਿਸੇ ਵੀ ਨਵੀਂ ਉਸਾਰੀ ਜਾਂ ਤਬਾਦਲੇ ਤੇ ਪਾਬੰਦੀ ਰਹੇਗੀ।
ਸਾਰੇ ਸਬੰਧਤ ਵਿਅਕਤੀਆਂ ਨੂੰ ਸੂਚਿਤ ਕੀਤਾ ਜਾਂਦਾ ਹੈ ਕਿ ਇਸ ਨੋਟਿਸ ਨੂੰ ਜਨਤਕ ਸੂਚਨਾ ਵਜੋਂ ਸਮਝਿਆ ਜਾਵੇ।
ਜ਼ਮੀਨ ਦਾ ਵੇਰਵਾ		
ਲੜੀ ਨੰ.	ਪਿੰਡ ਦਾ ਨਾਮ	ਰਕਬਾ (ਕਨਾਲ-ਮਰਲੇ)
1	ਬਰਿਆਰ	7-4-9
2	ਕੁਲਾਰਾਂ	1-0-11
	ਕੁੱਲ ਜੋੜ	8-5-0
ਨੋਟ:- ਉਪਰੋਕਤ ਜ਼ਮੀਨ ਦਾ ਵਿਸਥਾਰ ਰਿਕਾਰਡ ਦਫ਼ਤਰ ਵਿਖੇ ਉਪਲੱਬਧ ਹੈ।
ਭੂਮੀ ਪ੍ਰਾਪਤੀ ਕੁਲੈਕਟਰ
ਗਮਾਡਾ, ਮੋਹਾਲੀ
ਮਿਤੀ: 02.03.2024
PR-Advt. No. - U/21/1/1/000/000/12345
ਪੰਜਾਬ ਸਰਕਾਰ
ਮਕਾਨ ਉਸਾਰੀ ਤੇ ਸ਼ਹਿਰੀ ਵਿਕਾਸ ਵਿਭਾਗ
(ਮਕਾਨ ਉਸਾਰੀ - 1 ਸ਼ਾਖਾ)
ਗਮਾਡਾ ਸਰਵਿਸ ਪ੍ਰਬੰਧਨ ਸੈਂਟਰ, ਮੋਹਾਲੀ
ਨੰ: 26-PB/UD/LAC/2023-ਮਾਲ/ਵਿੰਗ/1	ਮਿਤੀ: 02.03.2024
ਜਿਸ ਤਹਿਤ ਪੰਜਾਬ ਸਰਕਾਰ ਵਲੋਂ ਜਨਤਕ ਮੰਤਵ ਲਈ ਭੂਮੀ ਪ੍ਰਾਪਤੀ ਮੁੜ ਵਸੇਬਾ ਅਤੇ ਪੁਨਰ ਸਥਾਪਨ ਵਿੱਚ ਉਚਿਤ ਮੁਆਵਜ਼ਾ ਅਤੇ ਪਾਰਦਰਸ਼ਤਾ ਦਾ ਅਧਿਕਾਰ ਐਕਟ 2013 ਦੀ ਧਾਰਾ 11 ਅਧੀਨ ਨੋਟੀਫਿਕੇਸ਼ਨ ਜਾਰੀ ਕੀਤਾ ਗਿਆ ਹੈ ਅਤੇ ਇਸ ਸਬੰਧੀ ਪ੍ਰਭਾਵਿਤ ਜ਼ਮੀਨ ਮਾਲਕਾਂ ਤੋਂ ਇਤਰਾਜ਼ ਮੰਗੇ ਗਏ ਹਨ। ਪ੍ਰਸਤਾਵਿਤ ਜ਼ਮੀਨ ਦਾ ਵੇਰਵਾ ਹੇਠ ਲਿਖੀ ਸੂਚੀ ਅਨੁਸਾਰ ਹੈ ਅਤੇ ਸਬੰਧਤ ਦਫ਼ਤਰ ਵਿੱਚ ਵੇਖਿਆ ਜਾ ਸਕਦਾ ਹੈ।
ਇਸ ਨੋਟੀਫਿਕੇਸ਼ਨ ਦੀ ਮਿਤੀ ਤੋਂ ਸੱਠ ਦਿਨਾਂ ਦੇ ਅੰਦਰ ਅੰਦਰ ਕੋਈ ਵੀ ਵਿਅਕਤੀ ਆਪਣਾ ਇਤਰਾਜ਼ ਲਿਖਤੀ ਰੂਪ ਵਿੱਚ ਕੁਲੈਕਟਰ ਭੂਮੀ ਪ੍ਰਾਪਤੀ ਦੇ ਦਫ਼ਤਰ ਵਿੱਚ ਦਾਖਲ ਕਰ ਸਕਦਾ ਹੈ। ਨਿਰਧਾਰਤ ਸਮੇਂ ਤੋਂ ਬਾਅਦ ਪ੍ਰਾਪਤ ਹੋਏ ਕਿਸੇ ਵੀ ਇਤਰਾਜ਼ ਉੱਤੇ ਵਿਚਾਰ ਨਹੀਂ ਕੀਤਾ ਜਾਵੇਗਾ। ਸਮਾਜਿਕ ਪ੍ਰਭਾਵ ਮੁਲਾਂਕਣ ਦੀ ਰਿਪੋਰਟ ਦਫ਼ਤਰ ਵਿਖੇ ਉਪਲੱਬਧ ਹੈ।
1. ਕੀ ਪ੍ਰੋਜੈਕਟ ਜਨਤਕ ਮੰਤਵ ਦੀ ਪੂਰਤੀ ਕਰਦਾ ਹੈ?
2. ਕੀ ਪ੍ਰਸਤਾਵਿਤ ਜ਼ਮੀਨ ਪ੍ਰਾਪਤੀ ਘੱਟੋ ਘੱਟ ਲੋੜ ਅਨੁਸਾਰ ਹੈ?
3. ਕੀ ਪ੍ਰਭਾਵਿਤ ਪਰਿਵਾਰਾਂ ਦਾ ਅਨੁਮਾਨ ਸਹੀ ਲਗਾਇਆ ਗਿਆ ਹੈ?
4. ਕੀ ਕੋਈ ਬਦਲਵੀਂ ਜਗ੍ਹਾ ਉਪਲੱਬਧ ਹੈ?
5. ਕੀ ਸਮਾਜਿਕ ਲਾਗਤਾਂ ਲਾਭਾਂ ਤੋਂ ਵੱਧ ਹਨ?
6. ਕੀ ਮੁੜ ਵਸੇਬਾ ਯੋਜਨਾ ਢੁਕਵੀਂ ਹੈ?
ਜ਼ਮੀਨ ਮਾਲਕ ਅਤੇ ਹਿੱਤ ਰੱਖਣ ਵਾਲੇ ਵਿਅਕਤੀ ਆਪਣੇ ਦਸਤਾਵੇਜ਼ ਸਮੇਤ ਸੁਣਵਾਈ ਲਈ ਨਿਯਤ ਮਿਤੀ ਨੂੰ ਹਾਜ਼ਰ ਹੋ ਸਕਦੇ ਹਨ। ਜ਼ਮੀਨ ਦਾ ਨਕਸ਼ਾ ਅਤੇ ਰਿਕਾਰਡ ਦਫ਼ਤਰੀ ਸਮੇਂ ਦੌਰਾਨ ਵੇਖਿਆ ਜਾ ਸਕਦਾ ਹੈ। ਮਾਲ ਰਿਕਾਰਡ ਵਿੱਚ ਕਿਸੇ ਵੀ ਤਰੁੱਟੀ ਦੀ ਸੂਚਨਾ ਤੁਰੰਤ ਦਿੱਤੀ ਜਾਵੇ। ਪ੍ਰੋਜੈਕਟ ਖੇਤਰ ਵਿੱਚ ਕਿਸੇ ਵੀ ਨਵੀਂ ਉਸਾਰੀ ਜਾਂ ਤਬਾਦਲੇ ਤੇ ਪਾਬੰਦੀ ਰਹੇਗੀ।
ਸਾਰੇ ਸਬੰਧਤ ਵਿਅਕਤੀਆਂ ਨੂੰ ਸੂਚਿਤ ਕੀਤਾ ਜਾਂਦਾ ਹੈ ਕਿ ਇਸ ਨੋਟਿਸ ਨੂੰ ਜਨਤਕ ਸੂਚਨਾ ਵਜੋਂ ਸਮਝਿਆ ਜਾਵੇ।
ਜ਼ਮੀਨ ਦਾ ਵੇਰਵਾ		
ਲੜੀ ਨੰ.	ਪਿੰਡ ਦਾ ਨਾਮ	ਰਕਬਾ (ਕਨਾਲ-ਮਰਲੇ)
1	ਬਰਿਆਰ	7-4-9
2	ਕੁਲਾਰਾਂ	1-0-11
	ਕੁੱਲ ਜੋੜ	8-5-0
ਨੋਟ:- ਉਪਰੋਕਤ ਜ਼ਮੀਨ ਦਾ ਵਿਸਥਾਰ ਰਿਕਾਰਡ ਦਫ਼ਤਰ ਵਿਖੇ ਉਪਲੱਬਧ ਹੈ।
ਭੂਮੀ ਪ੍ਰਾਪਤੀ ਕੁਲੈਕਟਰ
ਗਮਾਡਾ, ਮੋਹਾਲੀ
ਮਿਤੀ: 02.03.2024
PR-Advt. No. - U/21/1/1/000/000/12345
